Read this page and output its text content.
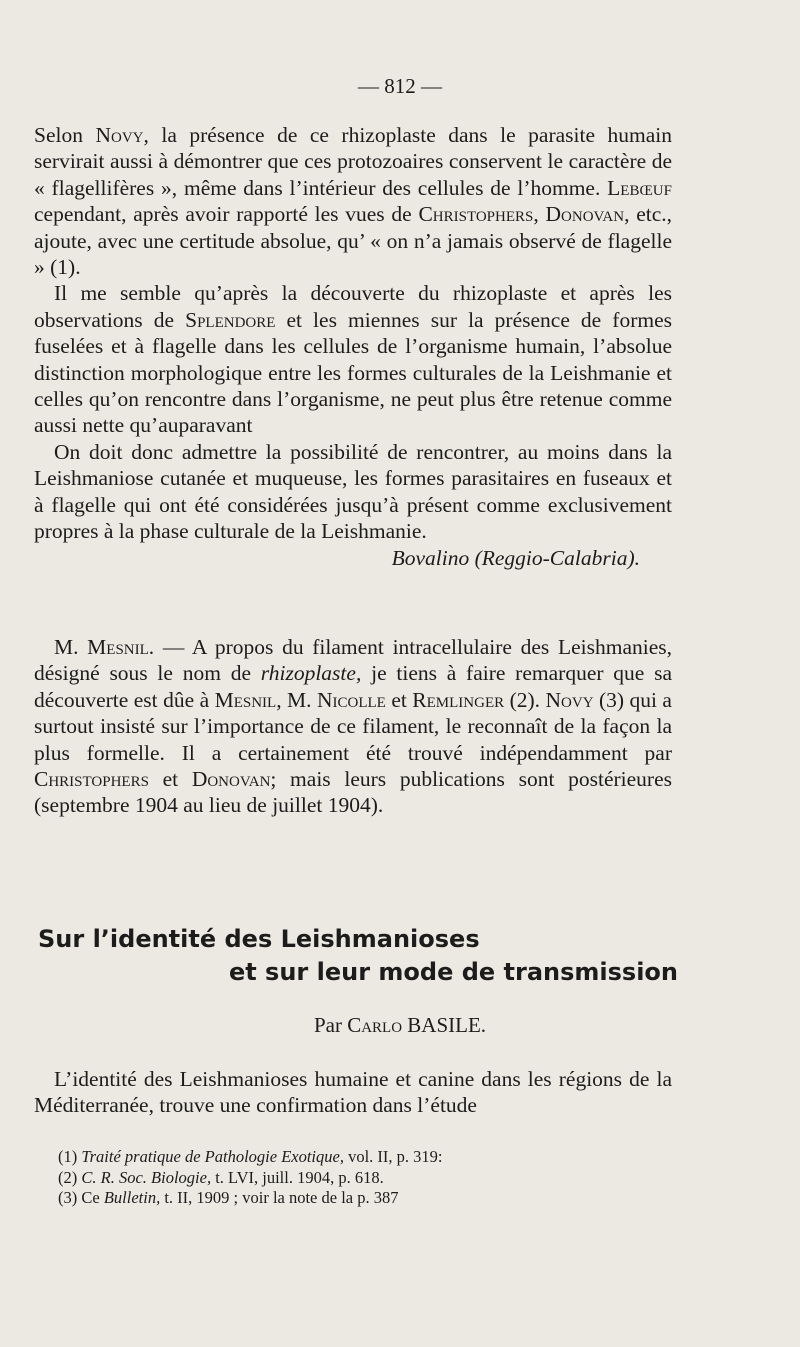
— 812 —

Selon Novy, la présence de ce rhizoplaste dans le parasite humain servirait aussi à démontrer que ces protozoaires conservent le caractère de « flagellifères », même dans l’intérieur des cellules de l’homme. Lebœuf cependant, après avoir rapporté les vues de Christophers, Donovan, etc., ajoute, avec une certitude absolue, qu’ « on n’a jamais observé de flagelle » (1).

Il me semble qu’après la découverte du rhizoplaste et après les observations de Splendore et les miennes sur la présence de formes fuselées et à flagelle dans les cellules de l’organisme humain, l’absolue distinction morphologique entre les formes culturales de la Leishmanie et celles qu’on rencontre dans l’organisme, ne peut plus être retenue comme aussi nette qu’auparavant

On doit donc admettre la possibilité de rencontrer, au moins dans la Leishmaniose cutanée et muqueuse, les formes parasitaires en fuseaux et à flagelle qui ont été considérées jusqu’à présent comme exclusivement propres à la phase culturale de la Leishmanie.

Bovalino (Reggio-Calabria).

M. Mesnil. — A propos du filament intracellulaire des Leishmanies, désigné sous le nom de rhizoplaste, je tiens à faire remarquer que sa découverte est dûe à Mesnil, M. Nicolle et Remlinger (2). Novy (3) qui a surtout insisté sur l’importance de ce filament, le reconnaît de la façon la plus formelle. Il a certainement été trouvé indépendamment par Christophers et Donovan; mais leurs publications sont postérieures (septembre 1904 au lieu de juillet 1904).

Sur l’identité des Leishmanioses
et sur leur mode de transmission
Par Carlo BASILE.

L’identité des Leishmanioses humaine et canine dans les régions de la Méditerranée, trouve une confirmation dans l’étude

(1) Traité pratique de Pathologie Exotique, vol. II, p. 319:
(2) C. R. Soc. Biologie, t. LVI, juill. 1904, p. 618.
(3) Ce Bulletin, t. II, 1909 ; voir la note de la p. 387
